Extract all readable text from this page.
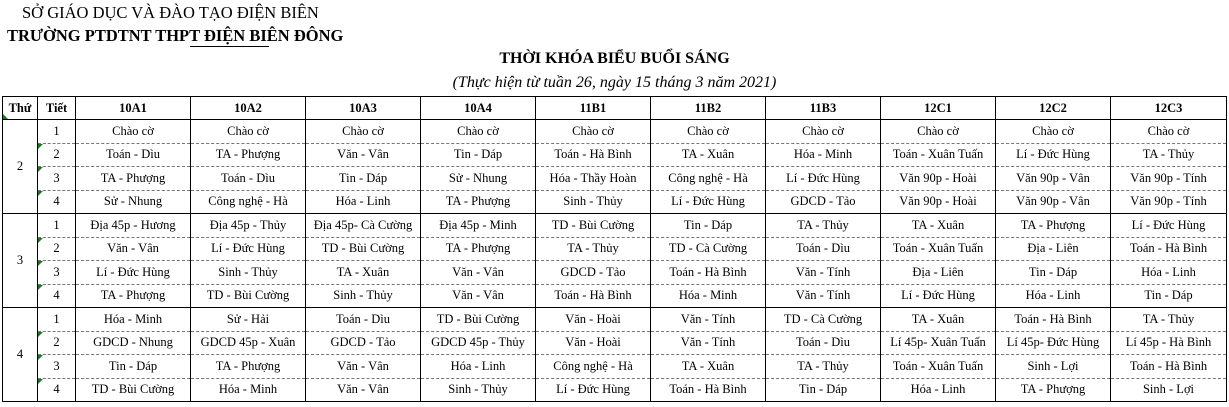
SỞ GIÁO DỤC VÀ ĐÀO TẠO ĐIỆN BIÊN
TRƯỜNG PTDTNT THPT ĐIỆN BIÊN ĐÔNG
THỜI KHÓA BIỂU BUỔI SÁNG
(Thực hiện từ tuần 26, ngày 15 tháng 3 năm 2021)
Thứ	Tiết	10A1	10A2	10A3	10A4	11B1	11B2	11B3	12C1	12C2	12C3
2	1	Chào cờ	Chào cờ	Chào cờ	Chào cờ	Chào cờ	Chào cờ	Chào cờ	Chào cờ	Chào cờ	Chào cờ
	2	Toán - Dìu	TA - Phượng	Văn - Vân	Tin - Dáp	Toán - Hà Bình	TA - Xuân	Hóa - Minh	Toán - Xuân Tuấn	Lí - Đức Hùng	TA - Thủy
	3	TA - Phượng	Toán - Dìu	Tin - Dáp	Sử - Nhung	Hóa - Thầy Hoàn	Công nghệ - Hà	Lí - Đức Hùng	Văn 90p - Hoài	Văn 90p - Vân	Văn 90p - Tính
	4	Sử - Nhung	Công nghệ - Hà	Hóa - Linh	TA - Phượng	Sinh - Thủy	Lí - Đức Hùng	GDCD - Tảo	Văn 90p - Hoài	Văn 90p - Vân	Văn 90p - Tính
3	1	Địa 45p - Hương	Địa 45p - Thủy	Địa 45p- Cà Cường	Địa 45p - Minh	TD - Bùi Cường	Tin - Dáp	TA - Thủy	TA - Xuân	TA - Phượng	Lí - Đức Hùng
	2	Văn - Vân	Lí - Đức Hùng	TD - Bùi Cường	TA - Phượng	TA - Thủy	TD - Cà Cường	Toán - Dìu	Toán - Xuân Tuấn	Địa - Liên	Toán - Hà Bình
	3	Lí - Đức Hùng	Sinh - Thủy	TA - Xuân	Văn - Vân	GDCD - Tảo	Toán - Hà Bình	Văn - Tính	Địa - Liên	Tin - Dáp	Hóa - Linh
	4	TA - Phượng	TD - Bùi Cường	Sinh - Thủy	Văn - Vân	Toán - Hà Bình	Hóa - Minh	Văn - Tính	Lí - Đức Hùng	Hóa - Linh	Tin - Dáp
4	1	Hóa - Minh	Sử - Hải	Toán - Dìu	TD - Bùi Cường	Văn - Hoài	Văn - Tính	TD - Cà Cường	TA - Xuân	Toán - Hà Bình	TA - Thủy
	2	GDCD - Nhung	GDCD 45p - Xuân	GDCD - Tảo	GDCD 45p - Thủy	Văn - Hoài	Văn - Tính	Toán - Dìu	Lí 45p- Xuân Tuấn	Lí 45p- Đức Hùng	Lí 45p - Hà Bình
	3	Tin - Dáp	TA - Phượng	Văn - Vân	Hóa - Linh	Công nghệ - Hà	TA - Xuân	TA - Thủy	Toán - Xuân Tuấn	Sinh - Lợi	Toán - Hà Bình
	4	TD - Bùi Cường	Hóa - Minh	Văn - Vân	Sinh - Thủy	Lí - Đức Hùng	Toán - Hà Bình	Tin - Dáp	Hóa - Linh	TA - Phượng	Sinh - Lợi
